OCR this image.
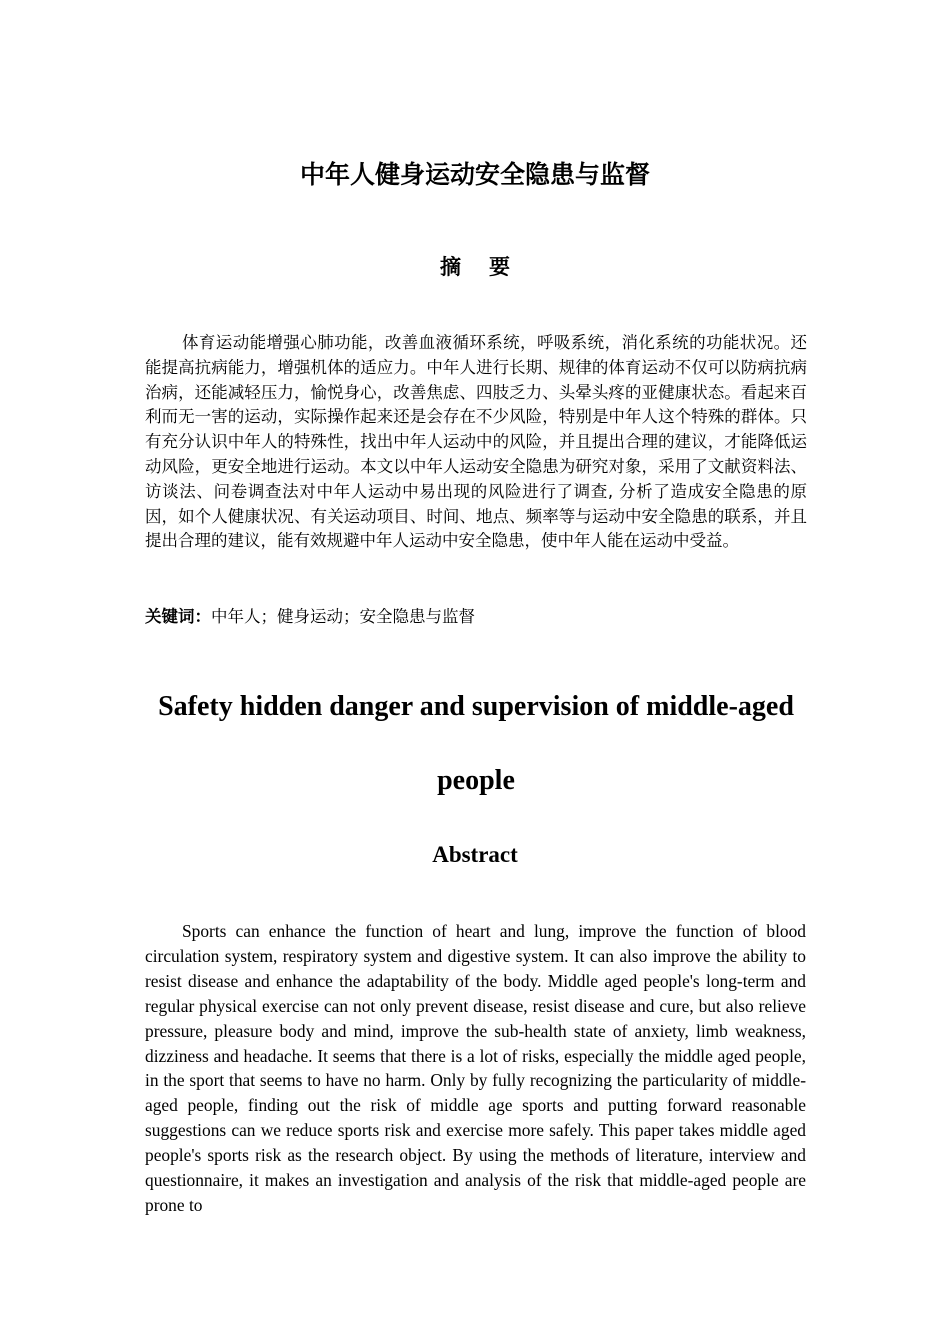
中年人健身运动安全隐患与监督
摘要

体育运动能增强心肺功能，改善血液循环系统，呼吸系统，消化系统的功能状况。还能提高抗病能力，增强机体的适应力。中年人进行长期、规律的体育运动不仅可以防病抗病治病，还能减轻压力，愉悦身心，改善焦虑、四肢乏力、头晕头疼的亚健康状态。看起来百利而无一害的运动，实际操作起来还是会存在不少风险，特别是中年人这个特殊的群体。只有充分认识中年人的特殊性，找出中年人运动中的风险，并且提出合理的建议，才能降低运动风险，更安全地进行运动。本文以中年人运动安全隐患为研究对象，采用了文献资料法、访谈法、问卷调查法对中年人运动中易出现的风险进行了调查, 分析了造成安全隐患的原因，如个人健康状况、有关运动项目、时间、地点、频率等与运动中安全隐患的联系，并且提出合理的建议，能有效规避中年人运动中安全隐患，使中年人能在运动中受益。

关键词：中年人；健身运动；安全隐患与监督

Safety hidden danger and supervision of middle-aged people
Abstract

Sports can enhance the function of heart and lung, improve the function of blood circulation system, respiratory system and digestive system. It can also improve the ability to resist disease and enhance the adaptability of the body. Middle aged people's long-term and regular physical exercise can not only prevent disease, resist disease and cure, but also relieve pressure, pleasure body and mind, improve the sub-health state of anxiety, limb weakness, dizziness and headache. It seems that there is a lot of risks, especially the middle aged people, in the sport that seems to have no harm. Only by fully recognizing the particularity of middle-aged people, finding out the risk of middle age sports and putting forward reasonable suggestions can we reduce sports risk and exercise more safely. This paper takes middle aged people's sports risk as the research object. By using the methods of literature, interview and questionnaire, it makes an investigation and analysis of the risk that middle-aged people are prone to
